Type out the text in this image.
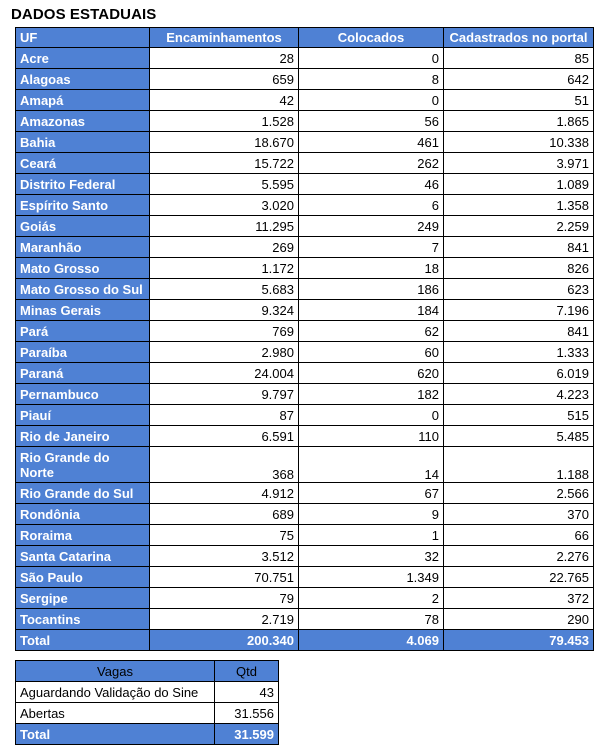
DADOS ESTADUAIS
UF	Encaminhamentos	Colocados	Cadastrados no portal
Acre	28	0	85
Alagoas	659	8	642
Amapá	42	0	51
Amazonas	1.528	56	1.865
Bahia	18.670	461	10.338
Ceará	15.722	262	3.971
Distrito Federal	5.595	46	1.089
Espírito Santo	3.020	6	1.358
Goiás	11.295	249	2.259
Maranhão	269	7	841
Mato Grosso	1.172	18	826
Mato Grosso do Sul	5.683	186	623
Minas Gerais	9.324	184	7.196
Pará	769	62	841
Paraíba	2.980	60	1.333
Paraná	24.004	620	6.019
Pernambuco	9.797	182	4.223
Piauí	87	0	515
Rio de Janeiro	6.591	110	5.485
Rio Grande do Norte	368	14	1.188
Rio Grande do Sul	4.912	67	2.566
Rondônia	689	9	370
Roraima	75	1	66
Santa Catarina	3.512	32	2.276
São Paulo	70.751	1.349	22.765
Sergipe	79	2	372
Tocantins	2.719	78	290
Total	200.340	4.069	79.453
Vagas	Qtd
Aguardando Validação do Sine	43
Abertas	31.556
Total	31.599
